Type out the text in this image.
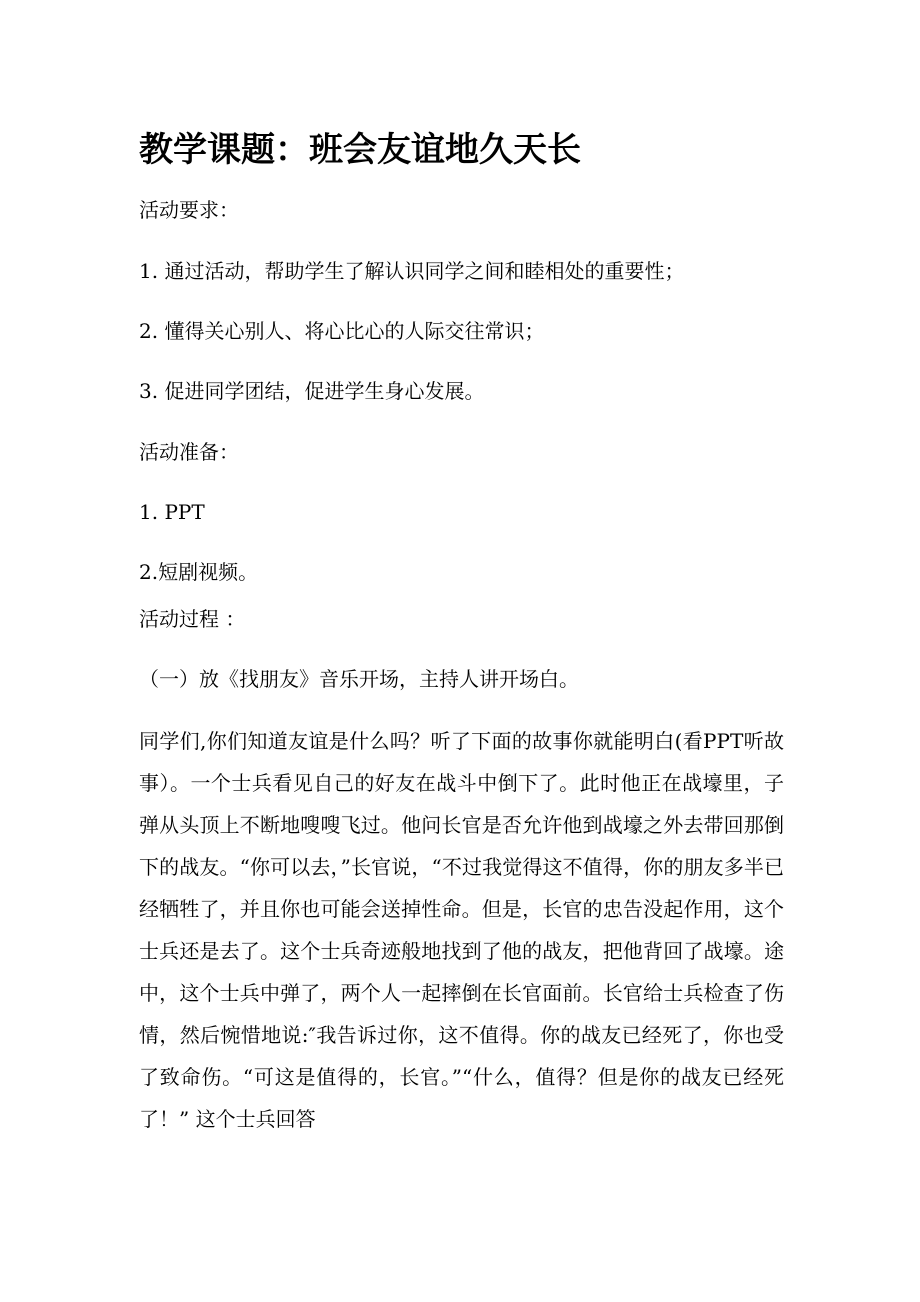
教学课题：班会友谊地久天长
活动要求：
1. 通过活动，帮助学生了解认识同学之间和睦相处的重要性；
2. 懂得关心别人、将心比心的人际交往常识；
3. 促进同学团结，促进学生身心发展。
活动准备：
1. PPT
2.短剧视频。
活动过程 ：
（一）放《找朋友》音乐开场，主持人讲开场白。
同学们,你们知道友谊是什么吗？听了下面的故事你就能明白(看PPT听故事）。一个士兵看见自己的好友在战斗中倒下了。此时他正在战壕里，子弹从头顶上不断地嗖嗖飞过。他问长官是否允许他到战壕之外去带回那倒下的战友。“你可以去，”长官说，“不过我觉得这不值得，你的朋友多半已经牺牲了，并且你也可能会送掉性命。但是，长官的忠告没起作用，这个士兵还是去了。这个士兵奇迹般地找到了他的战友，把他背回了战壕。途中，这个士兵中弹了，两个人一起摔倒在长官面前。长官给士兵检查了伤情，然后惋惜地说:″我告诉过你，这不值得。你的战友已经死了，你也受了致命伤。“可这是值得的，长官。”“什么，值得？但是你的战友已经死了！” 这个士兵回答
